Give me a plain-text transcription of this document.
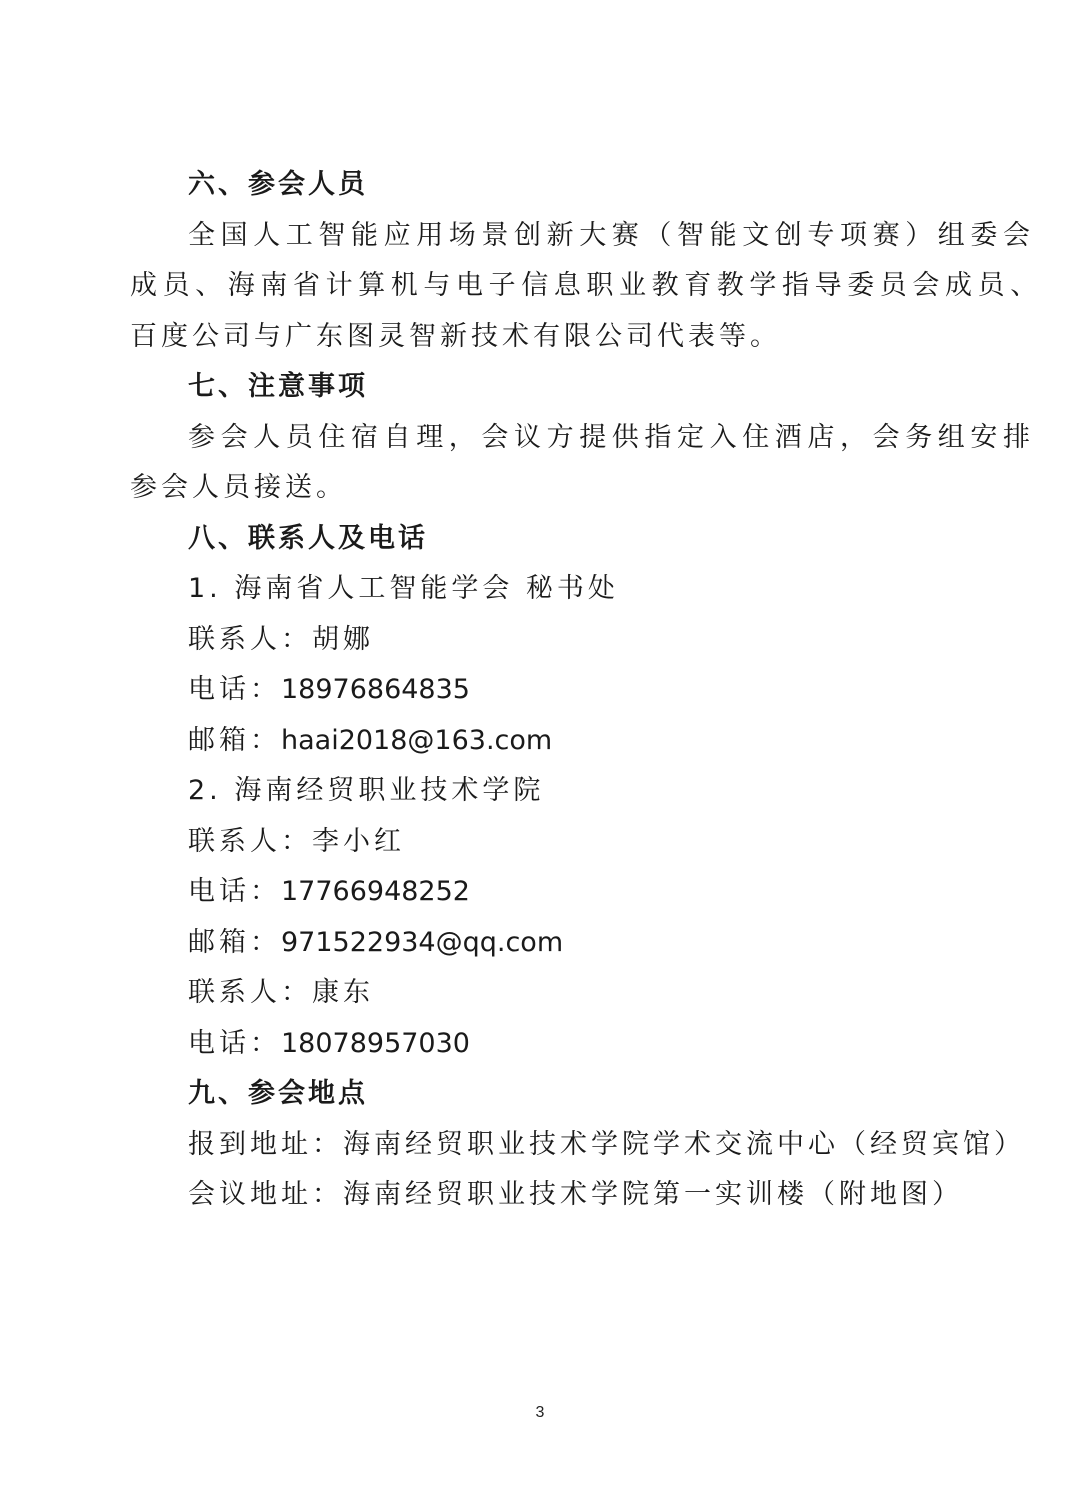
六、参会人员
全国人工智能应用场景创新大赛（智能文创专项赛）组委会
成员、海南省计算机与电子信息职业教育教学指导委员会成员、
百度公司与广东图灵智新技术有限公司代表等。
七、注意事项
参会人员住宿自理，会议方提供指定入住酒店，会务组安排
参会人员接送。
八、联系人及电话
1. 海南省人工智能学会 秘书处
联系人：胡娜
电话：18976864835
邮箱：haai2018@163.com
2. 海南经贸职业技术学院
联系人：李小红
电话：17766948252
邮箱：971522934@qq.com
联系人：康东
电话：18078957030
九、参会地点
报到地址：海南经贸职业技术学院学术交流中心（经贸宾馆）
会议地址：海南经贸职业技术学院第一实训楼（附地图）
3
